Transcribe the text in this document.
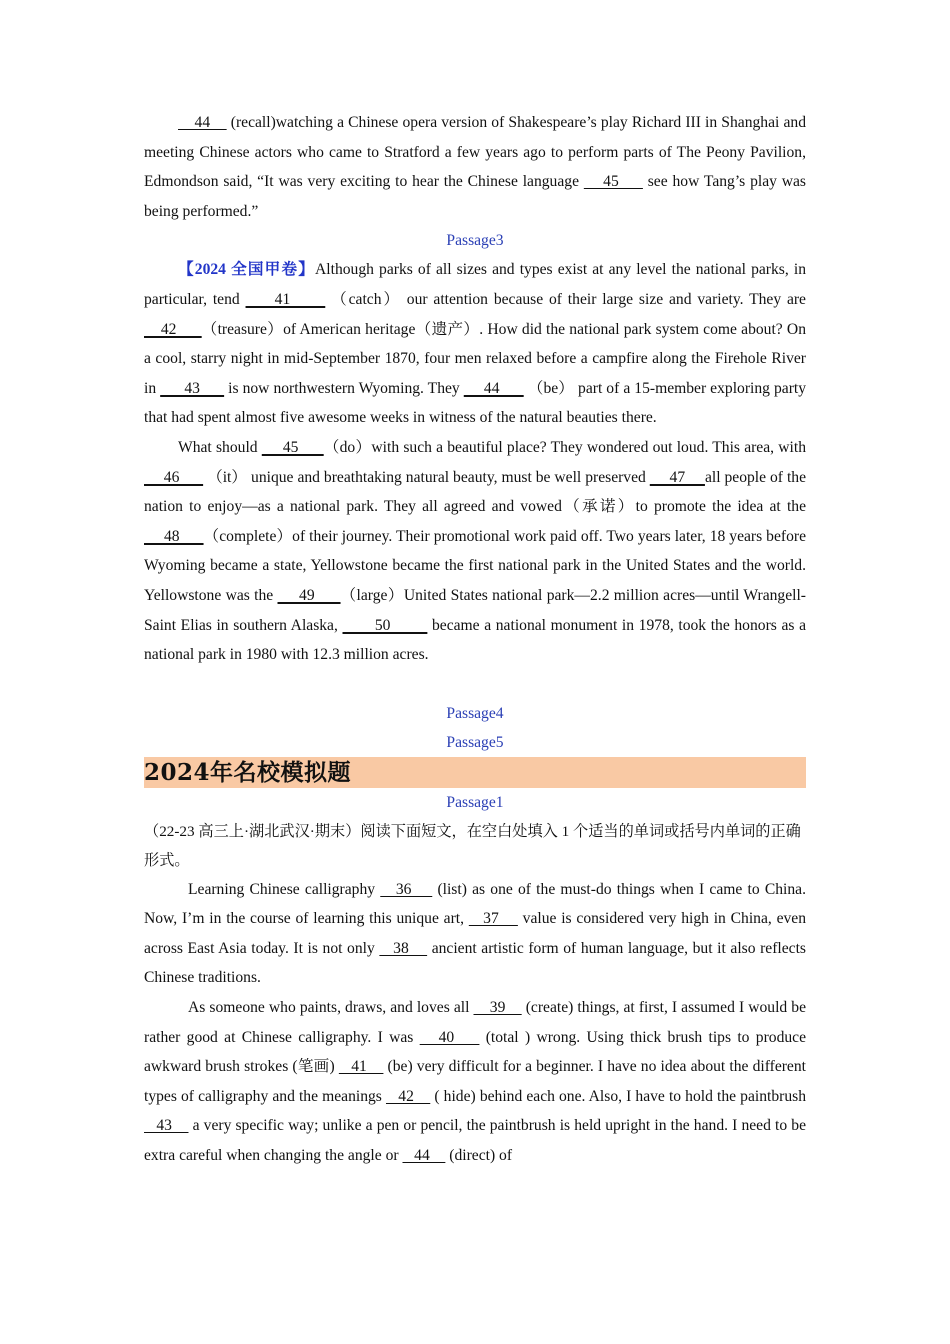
44     (recall)watching a Chinese opera version of Shakespeare’s play Richard III in Shanghai and meeting Chinese actors who came to Stratford a few years ago to perform parts of The Peony Pavilion, Edmondson said, “It was very exciting to hear the Chinese language     45      see how Tang’s play was being performed.”

Passage3

【2024 全国甲卷】Although parks of all sizes and types exist at any level the national parks, in particular, tend      41       （catch） our attention because of their large size and variety. They are     42      （treasure）of American heritage（遗产）. How did the national park system come about? On a cool, starry night in mid-September 1870, four men relaxed before a campfire along the Firehole River in       43       is now northwestern Wyoming. They      44       （be） part of a 15-member exploring party that had spent almost five awesome weeks in witness of the natural beauties there.

What should      45      （do）with such a beautiful place? They wondered out loud. This area, with      46       （it） unique and breathtaking natural beauty, must be well preserved      47     all people of the nation to enjoy—as a national park. They all agreed and vowed（承诺）to promote the idea at the      48      （complete）of their journey. Their promotional work paid off. Two years later, 18 years before Wyoming became a state, Yellowstone became the first national park in the United States and the world. Yellowstone was the      49      （large）United States national park—2.2 million acres—until Wrangell-Saint Elias in southern Alaska,        50         became a national monument in 1978, took the honors as a national park in 1980 with 12.3 million acres.

Passage4

Passage5

2024年名校模拟题

Passage1

（22-23 高三上·湖北武汉·期末）阅读下面短文，在空白处填入 1 个适当的单词或括号内单词的正确形式。

Learning Chinese calligraphy    36     (list) as one of the must-do things when I came to China. Now, I’m in the course of learning this unique art,    37     value is considered very high in China, even across East Asia today. It is not only    38     ancient artistic form of human language, but it also reflects Chinese traditions.

As someone who paints, draws, and loves all     39     (create) things, at first, I assumed I would be rather good at Chinese calligraphy. I was    40     (total ) wrong. Using thick brush tips to produce awkward brush strokes (笔画)    41     (be) very difficult for a beginner. I have no idea about the different types of calligraphy and the meanings    42     ( hide) behind each one. Also, I have to hold the paintbrush    43     a very specific way; unlike a pen or pencil, the paintbrush is held upright in the hand. I need to be extra careful when changing the angle or    44     (direct) of
